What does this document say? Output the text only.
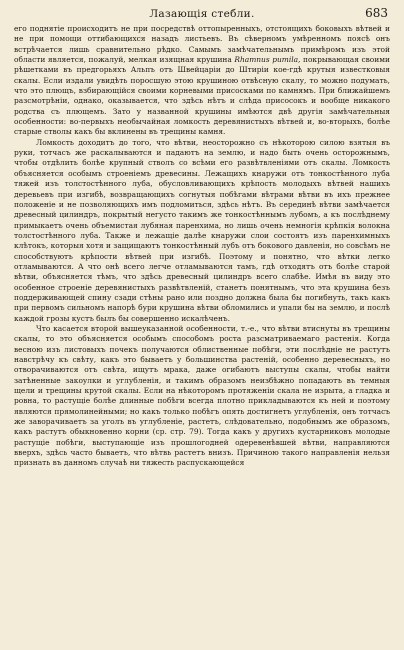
Лазающія стебли.	683

его поднятіе происходитъ не при посредствѣ оттопыренныхъ, отстоящихъ боковыхъ вѣтвей и не при помощи оттибающихся назадъ листьевъ. Въ сѣверномъ умѣренномъ поясѣ онъ встрѣчается лишь сравнительно рѣдко. Самымъ замѣчательнымъ примѣромъ изъ этой области является, пожалуй, мелкая изящная крушина Rhamnus pumila, покрывающая своими рѣшетками въ предгорьяхъ Альпъ отъ Швейцаріи до Штиріи кое-гдѣ крутыя известковыя скалы. Если издали увидѣть поросшую этою крушиною отвѣсную скалу, то можно подумать, что это плющъ, взбирающійся своими корневыми присосками по камнямъ. При ближайшемъ разсмотрѣніи, однако, оказывается, что здѣсь нѣтъ и слѣда присосокъ и вообще никакого родства съ плющемъ. Зато у названной крушины имѣются двѣ другія замѣчательныя особенности: во-первыхъ необычайная ломкость деревянистыхъ вѣтвей и, во-вторыхъ, болѣе старые стволы какъ бы вклинены въ трещины камня.

Ломкость доходитъ до того, что вѣтви, неосторожно съ нѣкоторою силою взятыя въ руки, тотчасъ же раскалываются и падаютъ на землю, и надо быть очень осторожнымъ, чтобы отдѣлить болѣе крупный стволъ со всѣми его развѣтвленіями отъ скалы. Ломкость объясняется особымъ строеніемъ древесины. Лежащихъ кнаружи отъ тонкостѣнного луба тяжей изъ толстостѣнного луба, обусловливающихъ крѣпость молодыхъ вѣтвей нашихъ деревьевъ при изгибѣ, возвращающихъ согнутыя побѣгами вѣтрами вѣтви въ ихъ прежнее положеніе и не позволяющихъ имъ подломиться, здѣсь нѣтъ. Въ серединѣ вѣтви замѣчается древесный цилиндръ, покрытый негусто такимъ же тонкостѣннымъ лубомъ, а къ послѣднему примыкаетъ очень объемистая лубяная паренхима, но лишь очень немногія крѣпкія волокна толстостѣнного луба. Также и лежащіе далѣе кнаружи слои состоятъ изъ паренхимныхъ клѣтокъ, которыя хотя и защищаютъ тонкостѣнный лубъ отъ бокового давленія, но совсѣмъ не способствуютъ крѣпости вѣтвей при изгибѣ. Поэтому и понятно, что вѣтки легко отламываются. А что онѣ всего легче отламываются тамъ, гдѣ отходятъ отъ болѣе старой вѣтви, объясняется тѣмъ, что здѣсь древесный цилиндръ всего слабѣе. Имѣя въ виду это особенное строеніе деревянистыхъ развѣтвленій, станетъ понятнымъ, что эта крушина безъ поддерживающей спину сзади стѣны рано или поздно должна была бы погибнуть, такъ какъ при первомъ сильномъ напорѣ бури крушина вѣтви обломились и упали бы на землю, и послѣ каждой грозы кустъ былъ бы совершенно искалѣченъ.

Что касается второй вышеуказанной особенности, т.-е., что вѣтви втиснуты въ трещины скалы, то это объясняется особымъ способомъ роста разсматриваемаго растенія. Когда весною изъ листовыхъ почекъ получаются облиственные побѣги, эти послѣдніе не растутъ навстрѣчу къ свѣту, какъ это бываетъ у большинства растеній, особенно деревесныхъ, но отворачиваются отъ свѣта, ищутъ мрака, даже огибаютъ выступы скалы, чтобы найти затѣненные закоулки и углубленія, и такимъ образомъ неизбѣжно попадаютъ въ темныя щели и трещины крутой скалы. Если на нѣкоторомъ протяженіи скала не изрыта, а гладка и ровна, то растущіе болѣе длинные побѣги всегда плотно прикладываются къ ней и поэтому являются прямолинейными; но какъ только побѣгъ опять достигнетъ углубленія, онъ тотчасъ же заворачиваетъ за уголъ въ углубленіе, растетъ, слѣдовательно, подобнымъ же образомъ, какъ растутъ обыкновенно корни (ср. стр. 79). Тогда какъ у другихъ кустарниковъ молодые растущіе побѣги, выступающіе изъ прошлогодней одеревенѣвшей вѣтви, направляются вверхъ, здѣсь часто бываетъ, что вѣтвь растетъ внизъ. Причиною такого направленія нельзя признать въ данномъ случаѣ ни тяжесть распускающейся
